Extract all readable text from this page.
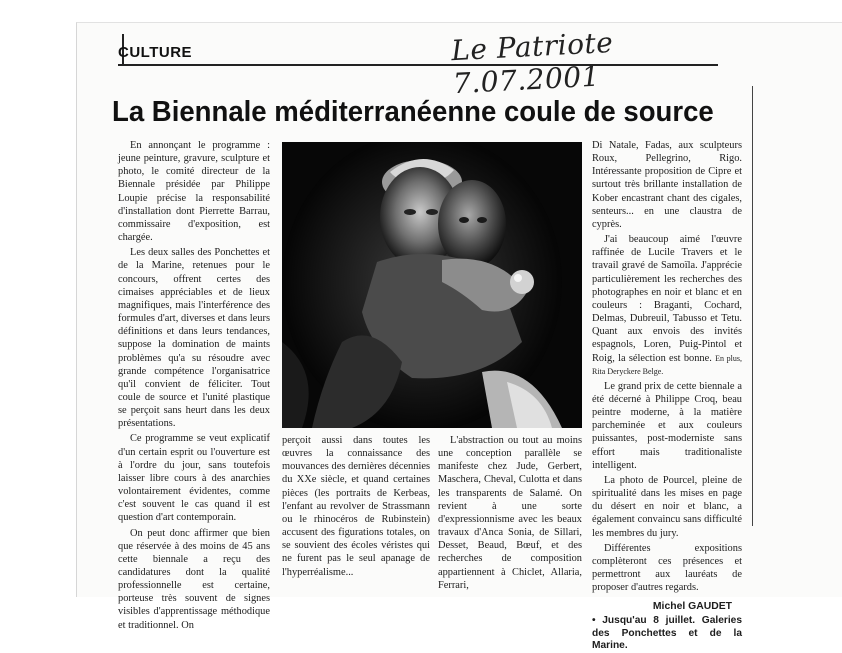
CULTURE	Le Patriote 7.07.2001
La Biennale méditerranéenne coule de source

En annonçant le programme : jeune peinture, gravure, sculpture et photo, le comité directeur de la Biennale présidée par Philippe Loupie précise la responsabilité d'installation dont Pierrette Barrau, commissaire d'exposition, est chargée.

Les deux salles des Ponchettes et de la Marine, retenues pour le concours, offrent certes des cimaises appréciables et de lieux magnifiques, mais l'interférence des formules d'art, diverses et dans leurs définitions et dans leurs tendances, suppose la domination de maints problèmes qu'a su résoudre avec grande compétence l'organisatrice qu'il convient de féliciter. Tout coule de source et l'unité plastique se perçoit sans heurt dans les deux présentations.

Ce programme se veut explicatif d'un certain esprit ou l'ouverture est à l'ordre du jour, sans toutefois laisser libre cours à des anarchies volontairement évidentes, comme c'est souvent le cas quand il est question d'art contemporain.

On peut donc affirmer que bien que réservée à des moins de 45 ans cette biennale a reçu des candidatures dont la qualité professionnelle est certaine, porteuse très souvent de signes visibles d'apprentissage méthodique et traditionnel. On

perçoit aussi dans toutes les œuvres la connaissance des mouvances des dernières décennies du XXe siècle, et quand certaines pièces (les portraits de Kerbeas, l'enfant au revolver de Strassmann ou le rhinocéros de Rubinstein) accusent des figurations totales, on se souvient des écoles véristes qui ne furent pas le seul apanage de l'hyperréalisme...

L'abstraction ou tout au moins une conception parallèle se manifeste chez Jude, Gerbert, Maschera, Cheval, Culotta et dans les transparents de Salamé. On revient à une sorte d'expressionnisme avec les beaux travaux d'Anca Sonia, de Sillari, Desset, Beaud, Bœuf, et des recherches de composition appartiennent à Chiclet, Allaria, Ferrari,

Di Natale, Fadas, aux sculpteurs Roux, Pellegrino, Rigo. Intéressante proposition de Cipre et surtout très brillante installation de Kober encastrant chant des cigales, senteurs... en une claustra de cyprès.

J'ai beaucoup aimé l'œuvre raffinée de Lucile Travers et le travail gravé de Samoïla. J'apprécie particulièrement les recherches des photographes en noir et blanc et en couleurs : Braganti, Cochard, Delmas, Dubreuil, Tabusso et Tetu. Quant aux envois des invités espagnols, Loren, Puig-Pintol et Roig, la sélection est bonne. En plus, Rita Deryckere Belge.

Le grand prix de cette biennale a été décerné à Philippe Croq, beau peintre moderne, à la matière parcheminée et aux couleurs puissantes, post-moderniste sans effort mais traditionaliste intelligent.

La photo de Pourcel, pleine de spiritualité dans les mises en page du désert en noir et blanc, a également convaincu sans difficulté les membres du jury.

Différentes expositions complèteront ces présences et permettront aux lauréats de proposer d'autres regards.

Michel GAUDET
• Jusqu'au 8 juillet. Galeries des Ponchettes et de la Marine.
